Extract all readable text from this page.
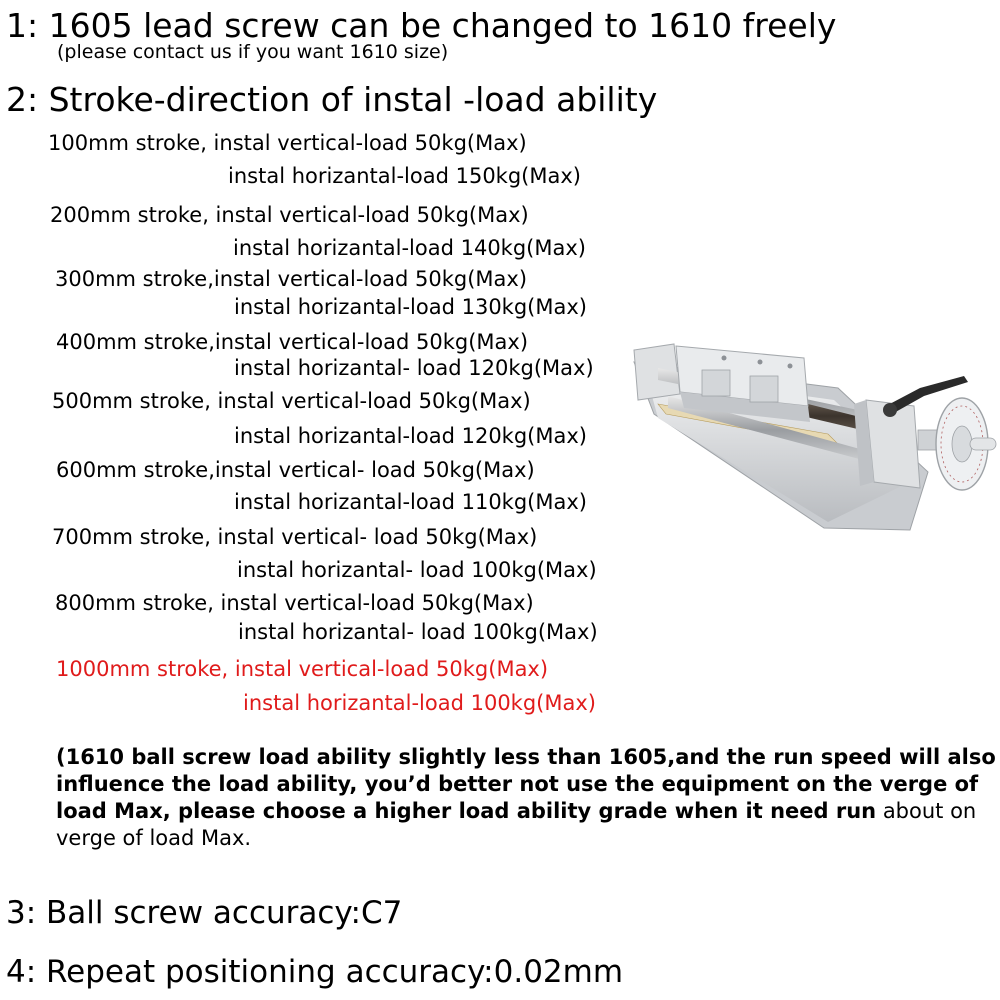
1: 1605 lead screw can be changed to 1610 freely
(please contact us if you want 1610 size)
2: Stroke-direction of instal -load ability
100mm stroke, instal vertical-load 50kg(Max)
instal horizantal-load 150kg(Max)
200mm stroke, instal vertical-load 50kg(Max)
instal horizantal-load 140kg(Max)
300mm stroke,instal vertical-load 50kg(Max)
instal horizantal-load 130kg(Max)
400mm stroke,instal vertical-load 50kg(Max)
instal horizantal- load 120kg(Max)
500mm stroke, instal vertical-load 50kg(Max)
instal horizantal-load 120kg(Max)
600mm stroke,instal vertical- load 50kg(Max)
instal horizantal-load 110kg(Max)
700mm stroke, instal vertical- load 50kg(Max)
instal horizantal- load 100kg(Max)
800mm stroke, instal vertical-load 50kg(Max)
instal horizantal- load 100kg(Max)
1000mm stroke, instal vertical-load 50kg(Max)
instal horizantal-load 100kg(Max)
(1610 ball screw load ability slightly less than 1605,and the run speed will also
influence the load ability, you’d better not use the equipment on the verge of
load Max, please choose a higher load ability grade when it need run about on
verge of load Max.
3: Ball screw accuracy:C7
4: Repeat positioning accuracy:0.02mm
